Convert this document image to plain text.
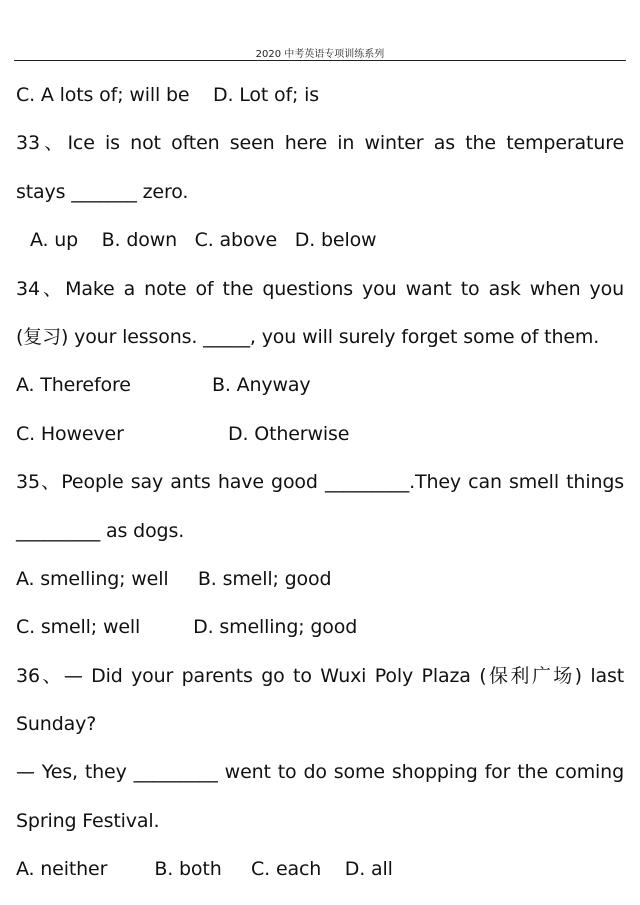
2020 中考英语专项训练系列
C. A lots of; will be    D. Lot of; is
33、Ice is not often seen here in winter as the temperature
stays _______ zero.
A. up    B. down   C. above   D. below
34、Make a note of the questions you want to ask when you
(复习) your lessons. _____, you will surely forget some of them.
A. Therefore	B. Anyway
C. However	D. Otherwise
35、People say ants have good _________.They can smell things
_________ as dogs.
A. smelling; well     B. smell; good
C. smell; well         D. smelling; good
36、— Did your parents go to Wuxi Poly Plaza (保利广场) last
Sunday?
— Yes, they _________ went to do some shopping for the coming
Spring Festival.
A. neither        B. both     C. each    D. all
